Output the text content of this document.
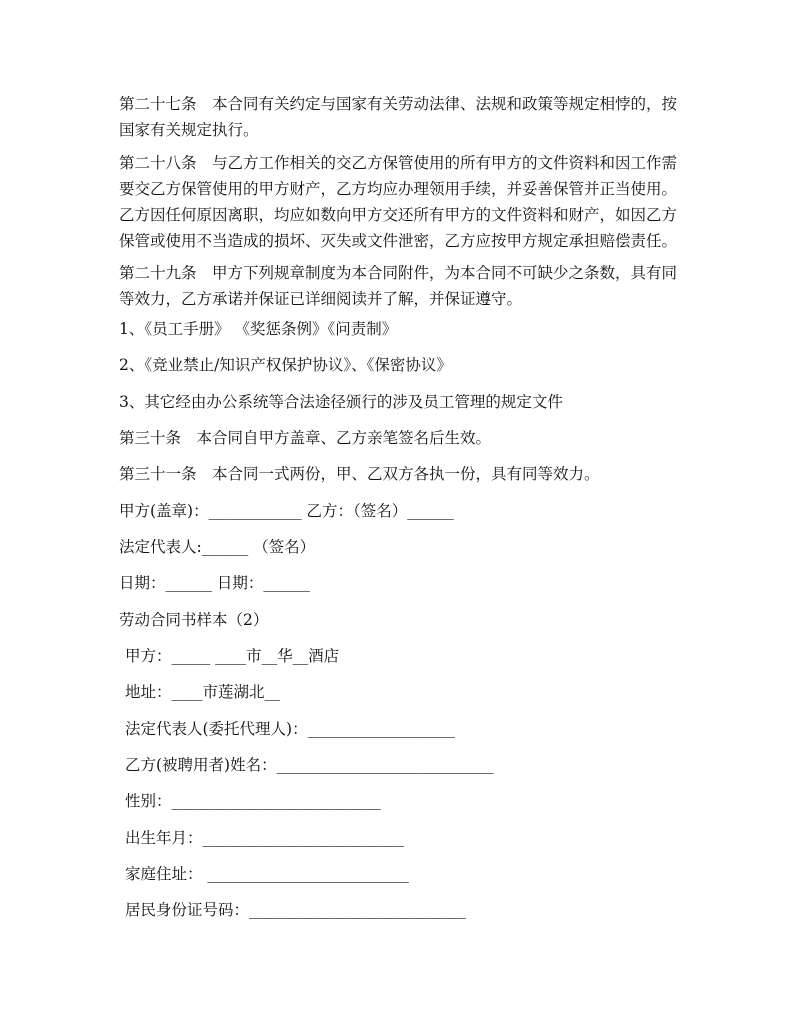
第二十七条　本合同有关约定与国家有关劳动法律、法规和政策等规定相悖的，按国家有关规定执行。
第二十八条　与乙方工作相关的交乙方保管使用的所有甲方的文件资料和因工作需要交乙方保管使用的甲方财产，乙方均应办理领用手续，并妥善保管并正当使用。乙方因任何原因离职，均应如数向甲方交还所有甲方的文件资料和财产，如因乙方保管或使用不当造成的损坏、灭失或文件泄密，乙方应按甲方规定承担赔偿责任。
第二十九条　甲方下列规章制度为本合同附件，为本合同不可缺少之条数，具有同等效力，乙方承诺并保证已详细阅读并了解，并保证遵守。
1、《员工手册》 《奖惩条例》《问责制》
2、《竞业禁止/知识产权保护协议》、《保密协议》
3、其它经由办公系统等合法途径颁行的涉及员工管理的规定文件
第三十条　本合同自甲方盖章、乙方亲笔签名后生效。
第三十一条　本合同一式两份，甲、乙双方各执一份，具有同等效力。
甲方(盖章)：____________ 乙方：（签名）______
法定代表人:______ （签名）
日期：______ 日期：______
劳动合同书样本（2）
甲方：_____ ____市__华__酒店
地址：____市莲湖北__
法定代表人(委托代理人)：___________________
乙方(被聘用者)姓名：____________________________
性别：___________________________
出生年月：__________________________
家庭住址： __________________________
居民身份证号码：____________________________
